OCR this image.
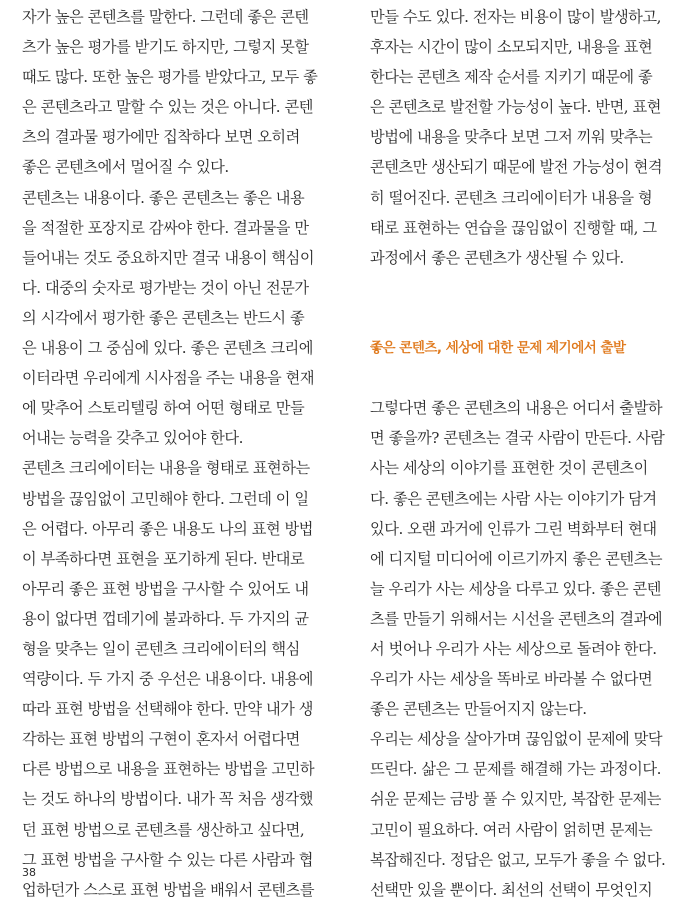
자가 높은 콘텐츠를 말한다. 그런데 좋은 콘텐
츠가 높은 평가를 받기도 하지만, 그렇지 못할
때도 많다. 또한 높은 평가를 받았다고, 모두 좋
은 콘텐츠라고 말할 수 있는 것은 아니다. 콘텐
츠의 결과물 평가에만 집착하다 보면 오히려
좋은 콘텐츠에서 멀어질 수 있다.
콘텐츠는 내용이다. 좋은 콘텐츠는 좋은 내용
을 적절한 포장지로 감싸야 한다. 결과물을 만
들어내는 것도 중요하지만 결국 내용이 핵심이
다. 대중의 숫자로 평가받는 것이 아닌 전문가
의 시각에서 평가한 좋은 콘텐츠는 반드시 좋
은 내용이 그 중심에 있다. 좋은 콘텐츠 크리에
이터라면 우리에게 시사점을 주는 내용을 현재
에 맞추어 스토리텔링 하여 어떤 형태로 만들
어내는 능력을 갖추고 있어야 한다.
콘텐츠 크리에이터는 내용을 형태로 표현하는
방법을 끊임없이 고민해야 한다. 그런데 이 일
은 어렵다. 아무리 좋은 내용도 나의 표현 방법
이 부족하다면 표현을 포기하게 된다. 반대로
아무리 좋은 표현 방법을 구사할 수 있어도 내
용이 없다면 껍데기에 불과하다. 두 가지의 균
형을 맞추는 일이 콘텐츠 크리에이터의 핵심
역량이다. 두 가지 중 우선은 내용이다. 내용에
따라 표현 방법을 선택해야 한다. 만약 내가 생
각하는 표현 방법의 구현이 혼자서 어렵다면
다른 방법으로 내용을 표현하는 방법을 고민하
는 것도 하나의 방법이다. 내가 꼭 처음 생각했
던 표현 방법으로 콘텐츠를 생산하고 싶다면,
그 표현 방법을 구사할 수 있는 다른 사람과 협
업하던가 스스로 표현 방법을 배워서 콘텐츠를
만들 수도 있다. 전자는 비용이 많이 발생하고,
후자는 시간이 많이 소모되지만, 내용을 표현
한다는 콘텐츠 제작 순서를 지키기 때문에 좋
은 콘텐츠로 발전할 가능성이 높다. 반면, 표현
방법에 내용을 맞추다 보면 그저 끼워 맞추는
콘텐츠만 생산되기 때문에 발전 가능성이 현격
히 떨어진다. 콘텐츠 크리에이터가 내용을 형
태로 표현하는 연습을 끊임없이 진행할 때, 그
과정에서 좋은 콘텐츠가 생산될 수 있다.
좋은 콘텐츠, 세상에 대한 문제 제기에서 출발
그렇다면 좋은 콘텐츠의 내용은 어디서 출발하
면 좋을까? 콘텐츠는 결국 사람이 만든다. 사람
사는 세상의 이야기를 표현한 것이 콘텐츠이
다. 좋은 콘텐츠에는 사람 사는 이야기가 담겨
있다. 오랜 과거에 인류가 그린 벽화부터 현대
에 디지털 미디어에 이르기까지 좋은 콘텐츠는
늘 우리가 사는 세상을 다루고 있다. 좋은 콘텐
츠를 만들기 위해서는 시선을 콘텐츠의 결과에
서 벗어나 우리가 사는 세상으로 돌려야 한다.
우리가 사는 세상을 똑바로 바라볼 수 없다면
좋은 콘텐츠는 만들어지지 않는다.
우리는 세상을 살아가며 끊임없이 문제에 맞닥
뜨린다. 삶은 그 문제를 해결해 가는 과정이다.
쉬운 문제는 금방 풀 수 있지만, 복잡한 문제는
고민이 필요하다. 여러 사람이 얽히면 문제는
복잡해진다. 정답은 없고, 모두가 좋을 수 없다.
선택만 있을 뿐이다. 최선의 선택이 무엇인지
38
